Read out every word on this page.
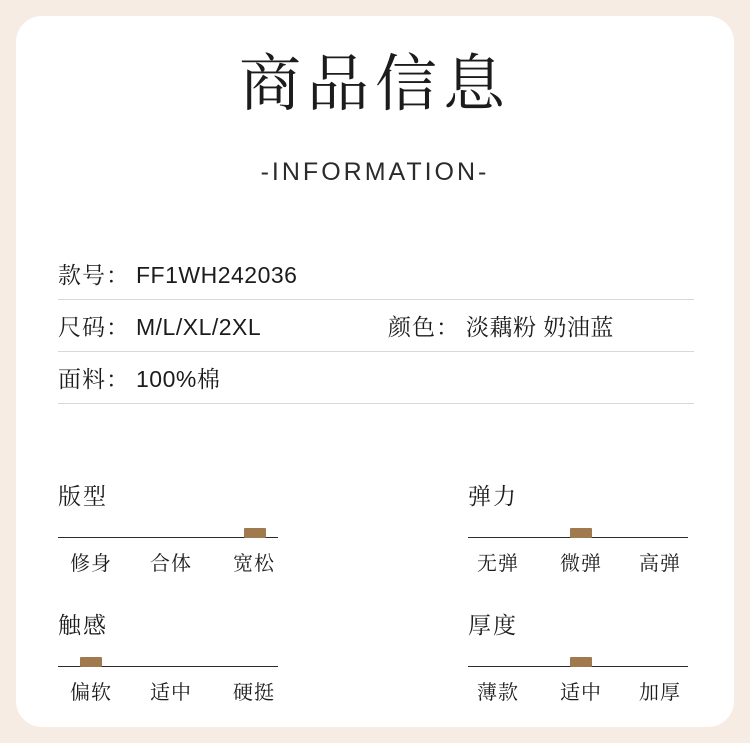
商品信息
-INFORMATION-
款号： FF1WH242036
尺码： M/L/XL/2XL	颜色： 淡藕粉 奶油蓝
面料： 100%棉
版型
修身 合体 宽松
弹力
无弹 微弹 高弹
触感
偏软 适中 硬挺
厚度
薄款 适中 加厚
